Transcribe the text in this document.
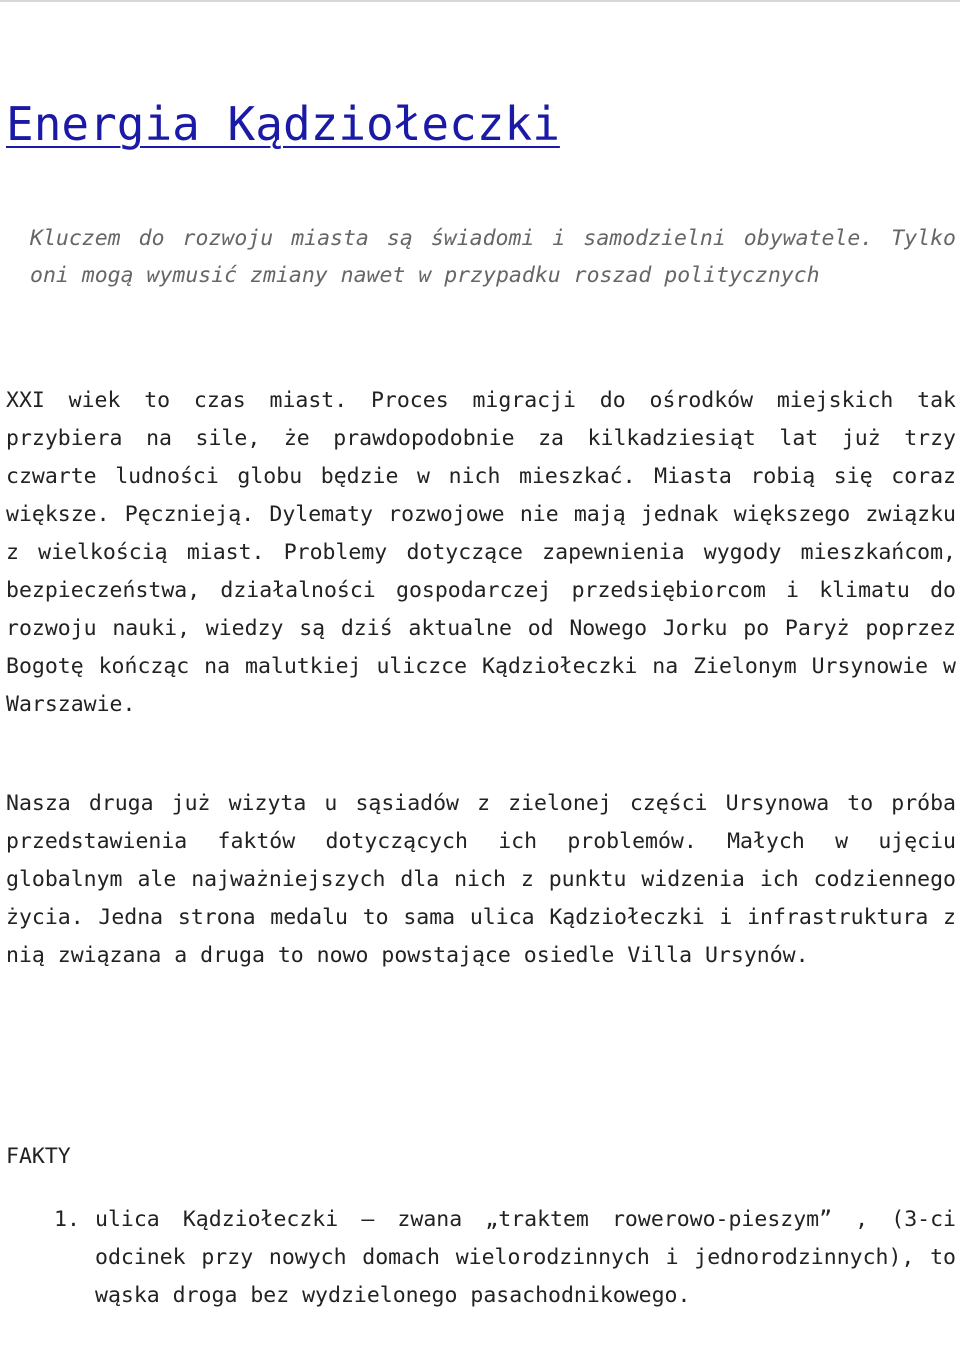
Energia Kądziołeczki

Kluczem do rozwoju miasta są świadomi i samodzielni obywatele. Tylko oni mogą wymusić zmiany nawet w przypadku roszad politycznych

XXI wiek to czas miast. Proces migracji do ośrodków miejskich tak przybiera na sile, że prawdopodobnie za kilkadziesiąt lat już trzy czwarte ludności globu będzie w nich mieszkać. Miasta robią się coraz większe. Pęcznieją. Dylematy rozwojowe nie mają jednak większego związku z wielkością miast. Problemy dotyczące zapewnienia wygody mieszkańcom, bezpieczeństwa, działalności gospodarczej przedsiębiorcom i klimatu do rozwoju nauki, wiedzy są dziś aktualne od Nowego Jorku po Paryż poprzez Bogotę kończąc na malutkiej uliczce Kądziołeczki na Zielonym Ursynowie w Warszawie.

Nasza druga już wizyta u sąsiadów z zielonej części Ursynowa to próba przedstawienia faktów dotyczących ich problemów. Małych w ujęciu globalnym ale najważniejszych dla nich z punktu widzenia ich codziennego życia. Jedna strona medalu to sama ulica Kądziołeczki i infrastruktura z nią związana a druga to nowo powstające osiedle Villa Ursynów.

FAKTY
1. ulica Kądziołeczki – zwana „traktem rowerowo-pieszym” , (3-ci odcinek przy nowych domach wielorodzinnych i jednorodzinnych), to wąska droga bez wydzielonego pasachodnikowego.
